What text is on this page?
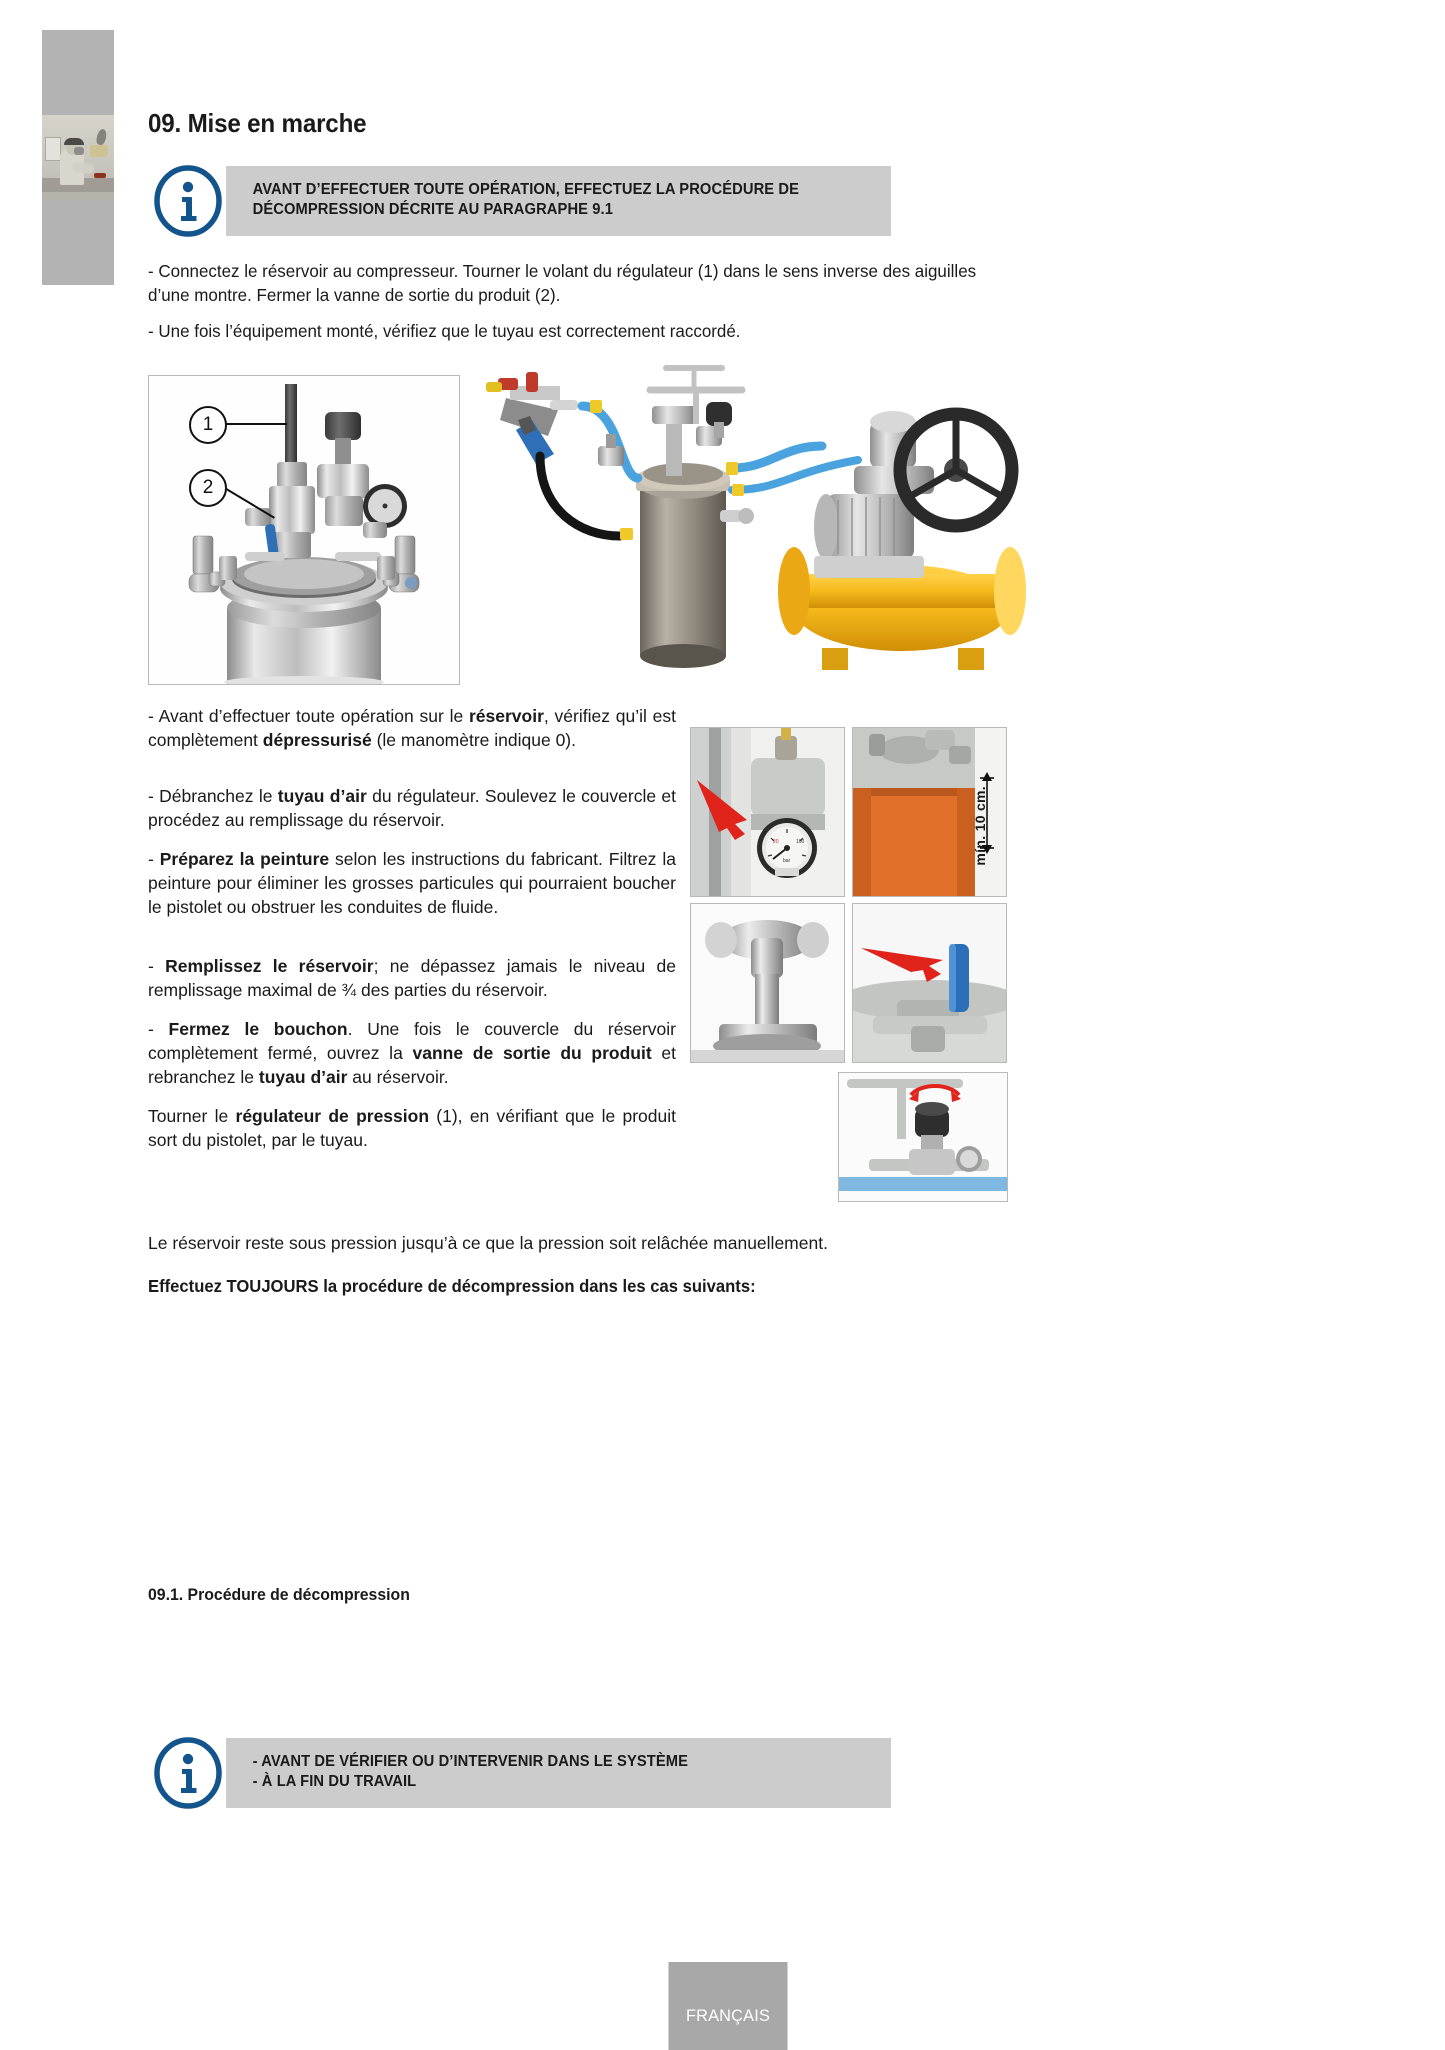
09. Mise en marche
AVANT D’EFFECTUER TOUTE OPÉRATION, EFFECTUEZ LA PROCÉDURE DE
DÉCOMPRESSION DÉCRITE AU PARAGRAPHE 9.1
- Connectez le réservoir au compresseur. Tourner le volant du régulateur (1) dans le sens inverse des aiguilles d’une montre. Fermer la vanne de sortie du produit (2).
- Une fois l’équipement monté, vérifiez que le tuyau est correctement raccordé.
1
2
- Avant d’effectuer toute opération sur le réservoir, vérifiez qu’il est complètement dépressurisé (le manomètre indique 0).
- Débranchez le tuyau d’air du régulateur. Soulevez le couvercle et procédez au remplissage du réservoir.
- Préparez la peinture selon les instructions du fabricant. Filtrez la peinture pour éliminer les grosses particules qui pourraient boucher le pistolet ou obstruer les conduites de fluide.
- Remplissez le réservoir; ne dépassez jamais le niveau de remplissage maximal de ¾ des parties du réservoir.
- Fermez le bouchon. Une fois le couvercle du réservoir complètement fermé, ouvrez la vanne de sortie du produit et rebranchez le tuyau d’air au réservoir.
Tourner le régulateur de pression (1), en vérifiant que le produit sort du pistolet, par le tuyau.
20	100
bar	mín. 10 cm.
09.1. Procédure de décompression
Le réservoir reste sous pression jusqu’à ce que la pression soit relâchée manuellement.
Effectuez TOUJOURS la procédure de décompression dans les cas suivants:
- AVANT DE VÉRIFIER OU D’INTERVENIR DANS LE SYSTÈME
- À LA FIN DU TRAVAIL
FRANÇAIS
